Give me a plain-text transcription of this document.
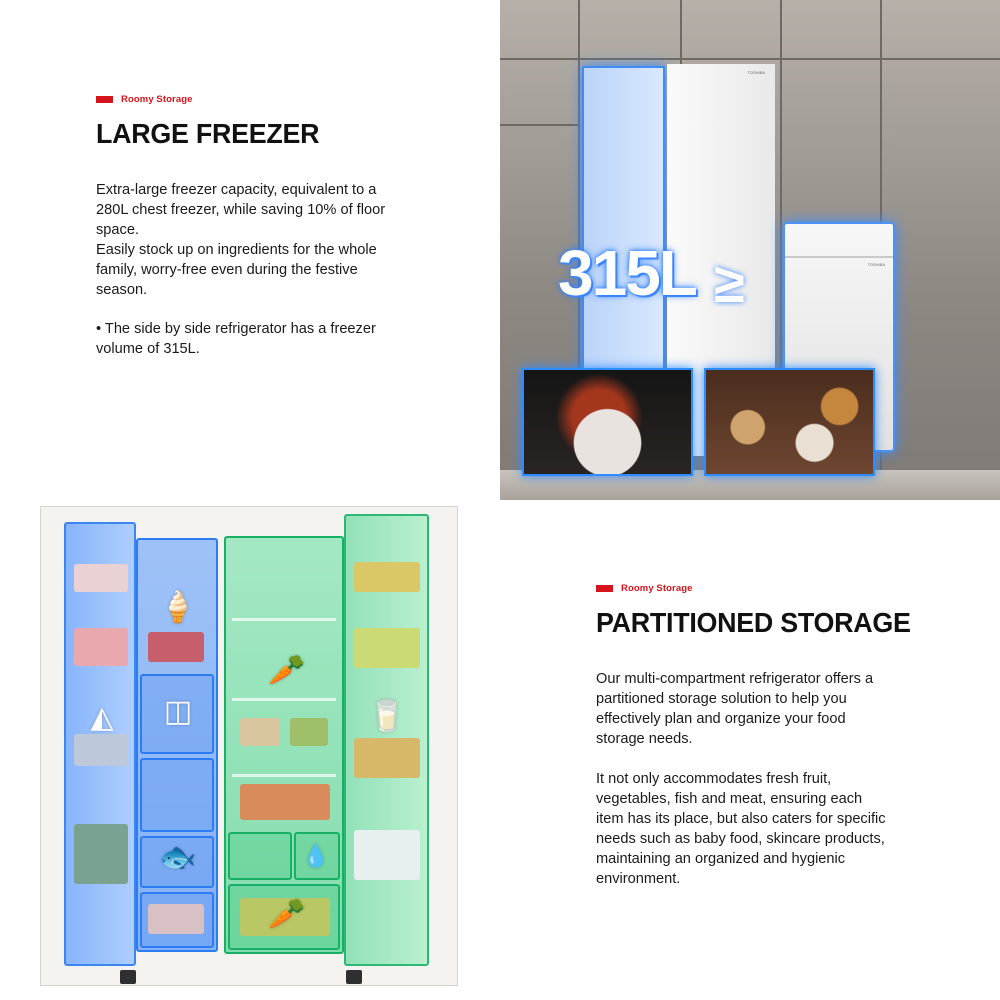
Roomy Storage
LARGE FREEZER

Extra-large freezer capacity, equivalent to a
280L chest freezer, while saving 10% of floor
space.
Easily stock up on ingredients for the whole
family, worry-free even during the festive
season.

• The side by side refrigerator has a freezer
volume of 315L.

TOSHIBA
TOSHIBA
315L ≥
◭
🍦
◫
🐟
🥕
💧
🥕
🥛
Roomy Storage
PARTITIONED STORAGE

Our multi-compartment refrigerator offers a
partitioned storage solution to help you
effectively plan and organize your food
storage needs.

It not only accommodates fresh fruit,
vegetables, fish and meat, ensuring each
item has its place, but also caters for specific
needs such as baby food, skincare products,
maintaining an organized and hygienic
environment.
